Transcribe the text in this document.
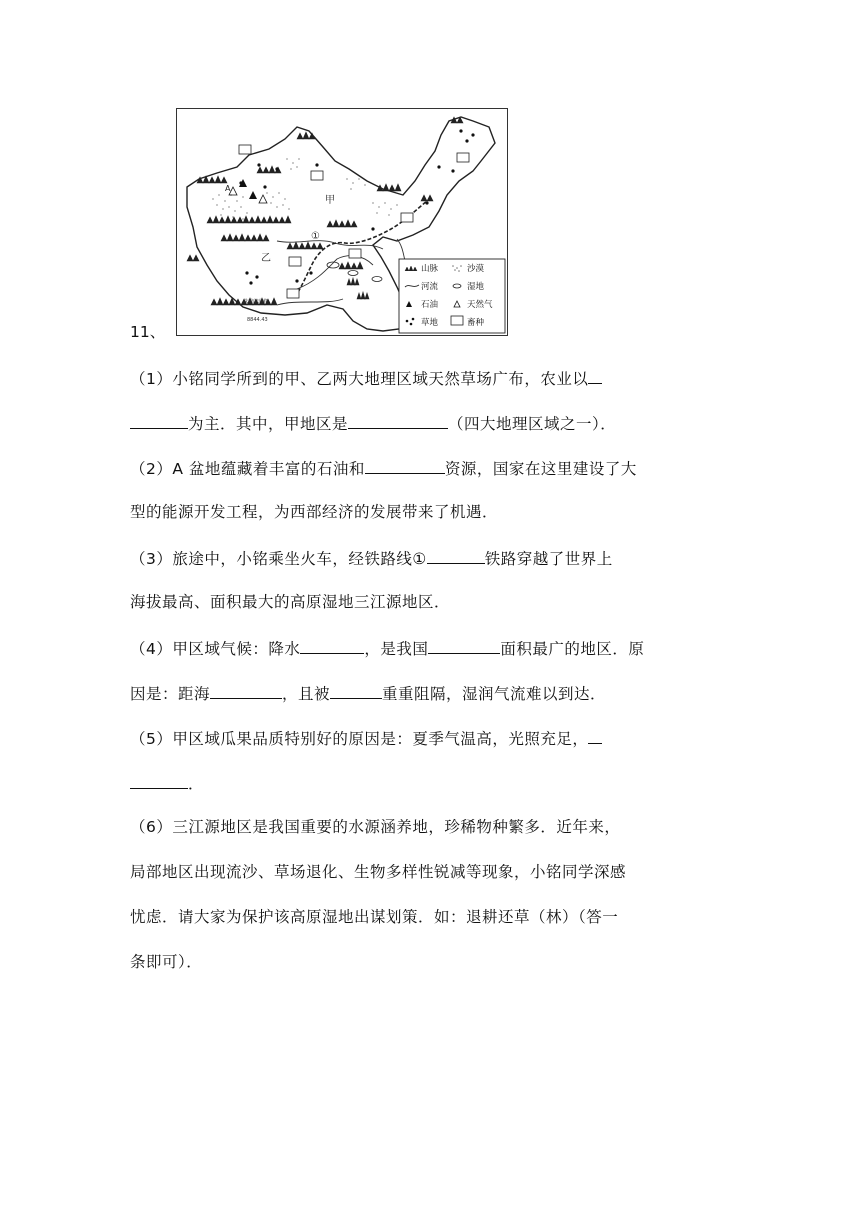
甲
乙
①
A
珠穆朗玛峰
8844.43
山脉	沙漠
河流	湿地
石油	天然气
草地	畜种
11、
（1）小铭同学所到的甲、乙两大地理区域天然草场广布，农业以
为主．其中，甲地区是	（四大地理区域之一）．
（2）A 盆地蕴藏着丰富的石油和	资源，国家在这里建设了大
型的能源开发工程，为西部经济的发展带来了机遇．
（3）旅途中，小铭乘坐火车，经铁路线①	铁路穿越了世界上
海拔最高、面积最大的高原湿地三江源地区．
（4）甲区域气候：降水	，是我国	面积最广的地区．原
因是：距海	，且被	重重阻隔，湿润气流难以到达．
（5）甲区域瓜果品质特别好的原因是：夏季气温高，光照充足，
．
（6）三江源地区是我国重要的水源涵养地，珍稀物种繁多．近年来，
局部地区出现流沙、草场退化、生物多样性锐减等现象，小铭同学深感
忧虑．请大家为保护该高原湿地出谋划策．如：退耕还草（林）（答一
条即可）．
